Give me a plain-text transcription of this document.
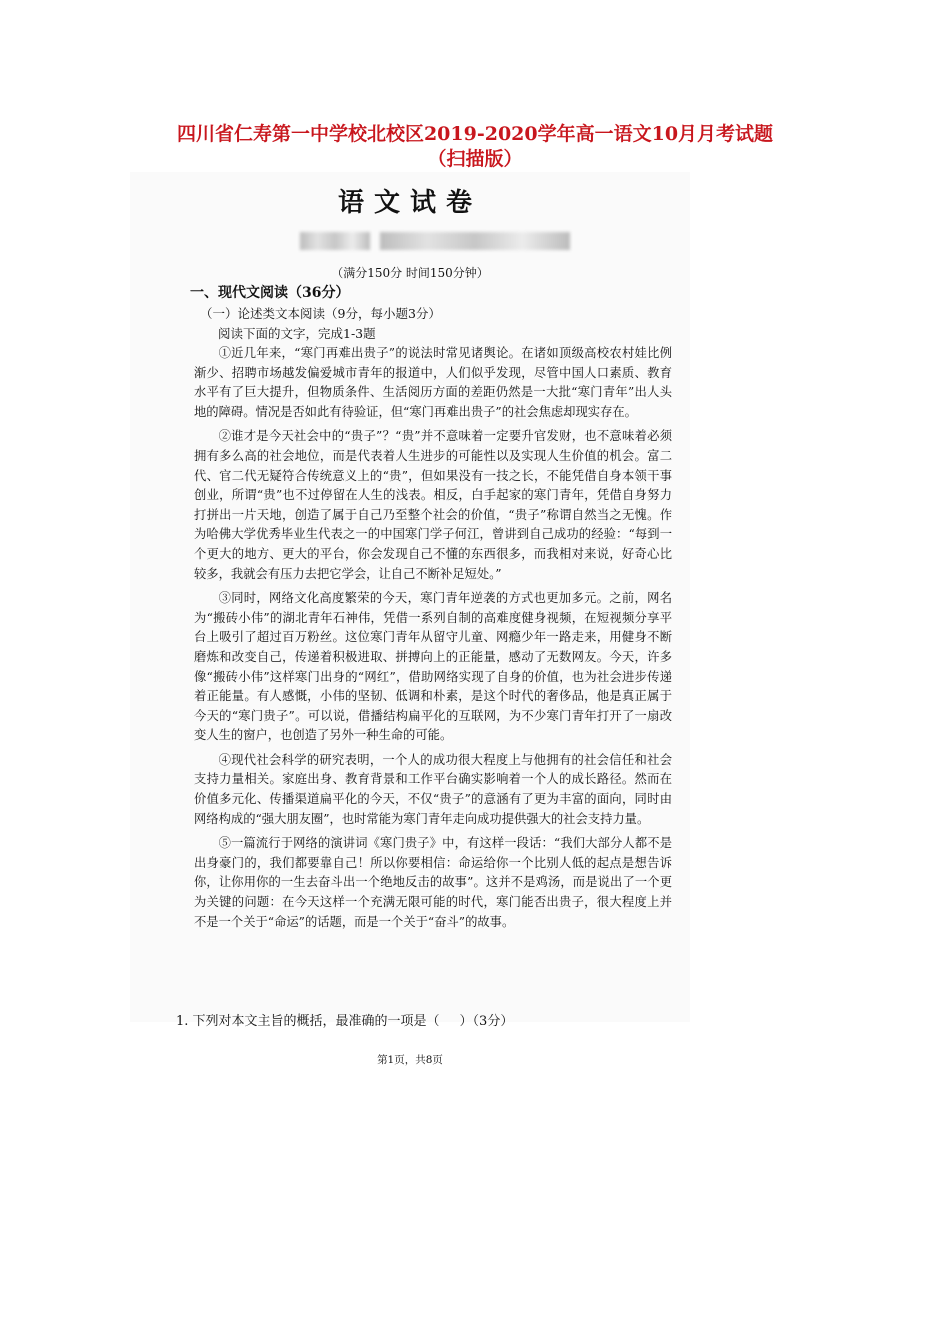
四川省仁寿第一中学校北校区2019-2020学年高一语文10月月考试题
（扫描版）
语文试卷
（满分150分 时间150分钟）
一、现代文阅读（36分）
（一）论述类文本阅读（9分，每小题3分）
阅读下面的文字，完成1-3题

①近几年来，“寒门再难出贵子”的说法时常见诸舆论。在诸如顶级高校农村娃比例渐少、招聘市场越发偏爱城市青年的报道中，人们似乎发现，尽管中国人口素质、教育水平有了巨大提升，但物质条件、生活阅历方面的差距仍然是一大批“寒门青年”出人头地的障碍。情况是否如此有待验证，但“寒门再难出贵子”的社会焦虑却现实存在。

②谁才是今天社会中的“贵子”？“贵”并不意味着一定要升官发财，也不意味着必须拥有多么高的社会地位，而是代表着人生进步的可能性以及实现人生价值的机会。富二代、官二代无疑符合传统意义上的“贵”，但如果没有一技之长，不能凭借自身本领干事创业，所谓“贵”也不过停留在人生的浅表。相反，白手起家的寒门青年，凭借自身努力打拼出一片天地，创造了属于自己乃至整个社会的价值，“贵子”称谓自然当之无愧。作为哈佛大学优秀毕业生代表之一的中国寒门学子何江，曾讲到自己成功的经验：“每到一个更大的地方、更大的平台，你会发现自己不懂的东西很多，而我相对来说，好奇心比较多，我就会有压力去把它学会，让自己不断补足短处。”

③同时，网络文化高度繁荣的今天，寒门青年逆袭的方式也更加多元。之前，网名为“搬砖小伟”的湖北青年石神伟，凭借一系列自制的高难度健身视频，在短视频分享平台上吸引了超过百万粉丝。这位寒门青年从留守儿童、网瘾少年一路走来，用健身不断磨炼和改变自己，传递着积极进取、拼搏向上的正能量，感动了无数网友。今天，许多像“搬砖小伟”这样寒门出身的“网红”，借助网络实现了自身的价值，也为社会进步传递着正能量。有人感慨，小伟的坚韧、低调和朴素，是这个时代的奢侈品，他是真正属于今天的“寒门贵子”。可以说，借播结构扁平化的互联网，为不少寒门青年打开了一扇改变人生的窗户，也创造了另外一种生命的可能。

④现代社会科学的研究表明，一个人的成功很大程度上与他拥有的社会信任和社会支持力量相关。家庭出身、教育背景和工作平台确实影响着一个人的成长路径。然而在价值多元化、传播渠道扁平化的今天，不仅“贵子”的意涵有了更为丰富的面向，同时由网络构成的“强大朋友圈”，也时常能为寒门青年走向成功提供强大的社会支持力量。

⑤一篇流行于网络的演讲词《寒门贵子》中，有这样一段话：“我们大部分人都不是出身豪门的，我们都要靠自己！所以你要相信：命运给你一个比别人低的起点是想告诉你，让你用你的一生去奋斗出一个绝地反击的故事”。这并不是鸡汤，而是说出了一个更为关键的问题：在今天这样一个充满无限可能的时代，寒门能否出贵子，很大程度上并不是一个关于“命运”的话题，而是一个关于“奋斗”的故事。

1. 下列对本文主旨的概括，最准确的一项是（ ）（3分）
第1页，共8页
